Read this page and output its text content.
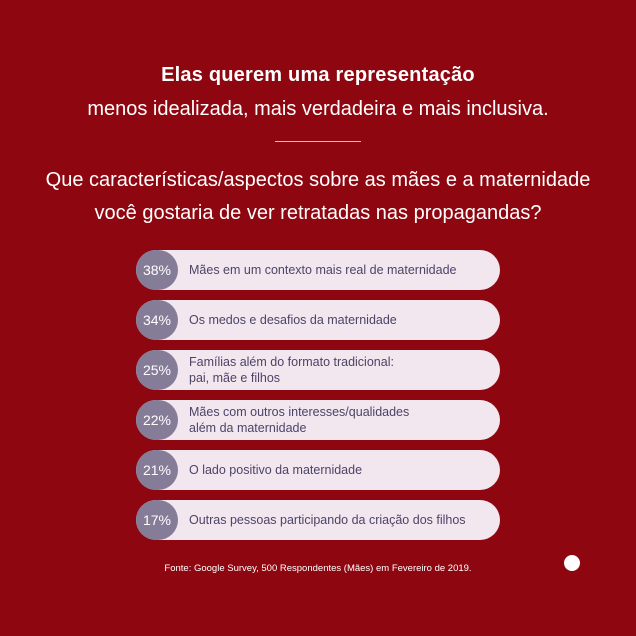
Elas querem uma representação
menos idealizada, mais verdadeira e mais inclusiva.
Que características/aspectos sobre as mães e a maternidade
você gostaria de ver retratadas nas propagandas?
38%	Mães em um contexto mais real de maternidade
34%	Os medos e desafios da maternidade
25%	Famílias além do formato tradicional:
pai, mãe e filhos
22%	Mães com outros interesses/qualidades
além da maternidade
21%	O lado positivo da maternidade
17%	Outras pessoas participando da criação dos filhos
Fonte: Google Survey, 500 Respondentes (Mães) em Fevereiro de 2019.
